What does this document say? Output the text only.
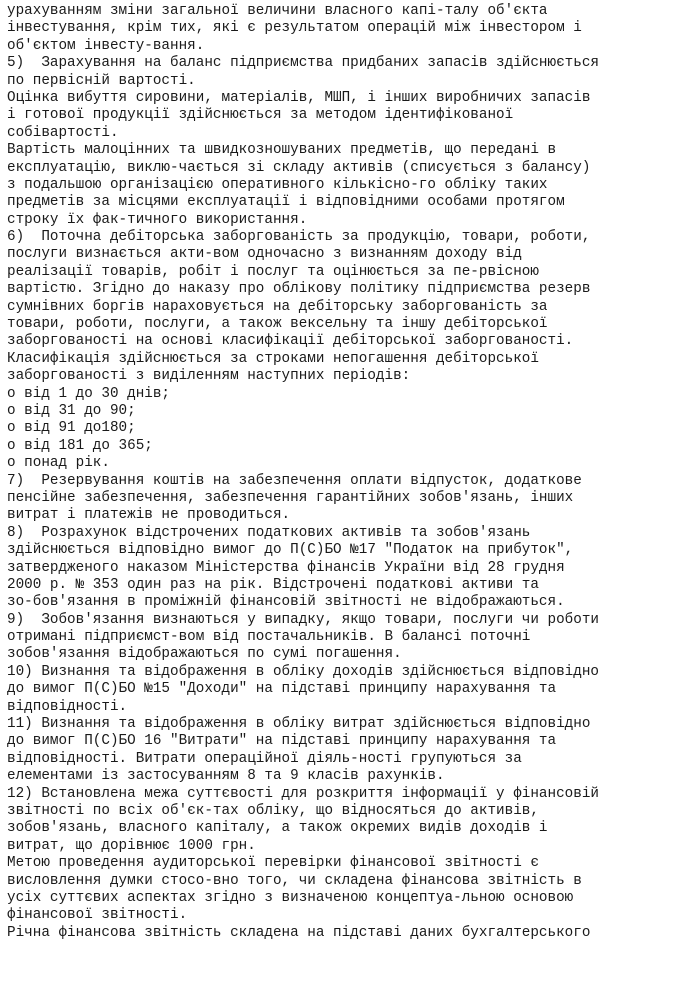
урахуванням зміни загальної величини власного капі-талу об'єкта
інвестування, крім тих, які є результатом операцій між інвестором і
об'єктом інвесту-вання.
5)  Зарахування на баланс підприємства придбаних запасів здійснюється
по первісній вартості.
Оцінка вибуття сировини, матеріалів, МШП, і інших виробничих запасів
і готової продукції здійснюється за методом ідентифікованої
собівартості.
Вартість малоцінних та швидкозношуваних предметів, що передані в
експлуатацію, виклю-чається зі складу активів (списується з балансу)
з подальшою організацією оперативного кількісно-го обліку таких
предметів за місцями експлуатації і відповідними особами протягом
строку їх фак-тичного використання.
6)  Поточна дебіторська заборгованість за продукцію, товари, роботи,
послуги визнається акти-вом одночасно з визнанням доходу від
реалізації товарів, робіт і послуг та оцінюється за пе-рвісною
вартістю. Згідно до наказу про облікову політику підприємства резерв
сумнівних боргів нараховується на дебіторську заборгованість за
товари, роботи, послуги, а також вексельну та іншу дебіторської
заборгованості на основі класифікації дебіторської заборгованості.
Класифікація здійснюється за строками непогашення дебіторської
заборгованості з виділенням наступних періодів:
о від 1 до 30 днів;
о від 31 до 90;
о від 91 до180;
о від 181 до 365;
о понад рік.
7)  Резервування коштів на забезпечення оплати відпусток, додаткове
пенсійне забезпечення, забезпечення гарантійних зобов'язань, інших
витрат і платежів не проводиться.
8)  Розрахунок відстрочених податкових активів та зобов'язань
здійснюється відповідно вимог до П(С)БО №17 "Податок на прибуток",
затвердженого наказом Міністерства фінансів України від 28 грудня
2000 р. № 353 один раз на рік. Відстрочені податкові активи та
зо-бов'язання в проміжній фінансовій звітності не відображаються.
9)  Зобов'язання визнаються у випадку, якщо товари, послуги чи роботи
отримані підприємст-вом від постачальників. В балансі поточні
зобов'язання відображаються по сумі погашення.
10) Визнання та відображення в обліку доходів здійснюється відповідно
до вимог П(С)БО №15 "Доходи" на підставі принципу нарахування та
відповідності.
11) Визнання та відображення в обліку витрат здійснюється відповідно
до вимог П(С)БО 16 "Витрати" на підставі принципу нарахування та
відповідності. Витрати операційної діяль-ності групуються за
елементами із застосуванням 8 та 9 класів рахунків.
12) Встановлена межа суттєвості для розкриття інформації у фінансовій
звітності по всіх об'єк-тах обліку, що відносяться до активів,
зобов'язань, власного капіталу, а також окремих видів доходів і
витрат, що дорівнює 1000 грн.
Метою проведення аудиторської перевірки фінансової звітності є
висловлення думки стосо-вно того, чи складена фінансова звітність в
усіх суттєвих аспектах згідно з визначеною концептуа-льною основою
фінансової звітності.
Річна фінансова звітність складена на підставі даних бухгалтерського
